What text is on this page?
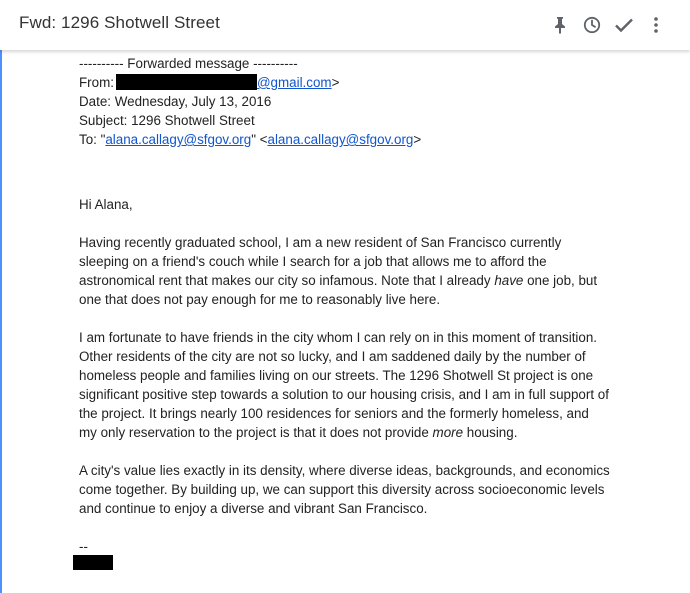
Fwd: 1296 Shotwell Street
---------- Forwarded message ----------
From:	@gmail.com>
Date: Wednesday, July 13, 2016
Subject: 1296 Shotwell Street
To: "alana.callagy@sfgov.org" <alana.callagy@sfgov.org>

Hi Alana,

Having recently graduated school, I am a new resident of San Francisco currently sleeping on a friend's couch while I search for a job that allows me to afford the astronomical rent that makes our city so infamous. Note that I already have one job, but one that does not pay enough for me to reasonably live here.

I am fortunate to have friends in the city whom I can rely on in this moment of transition. Other residents of the city are not so lucky, and I am saddened daily by the number of homeless people and families living on our streets. The 1296 Shotwell St project is one significant positive step towards a solution to our housing crisis, and I am in full support of the project. It brings nearly 100 residences for seniors and the formerly homeless, and my only reservation to the project is that it does not provide more housing.

A city's value lies exactly in its density, where diverse ideas, backgrounds, and economics come together. By building up, we can support this diversity across socioeconomic levels and continue to enjoy a diverse and vibrant San Francisco.

--
